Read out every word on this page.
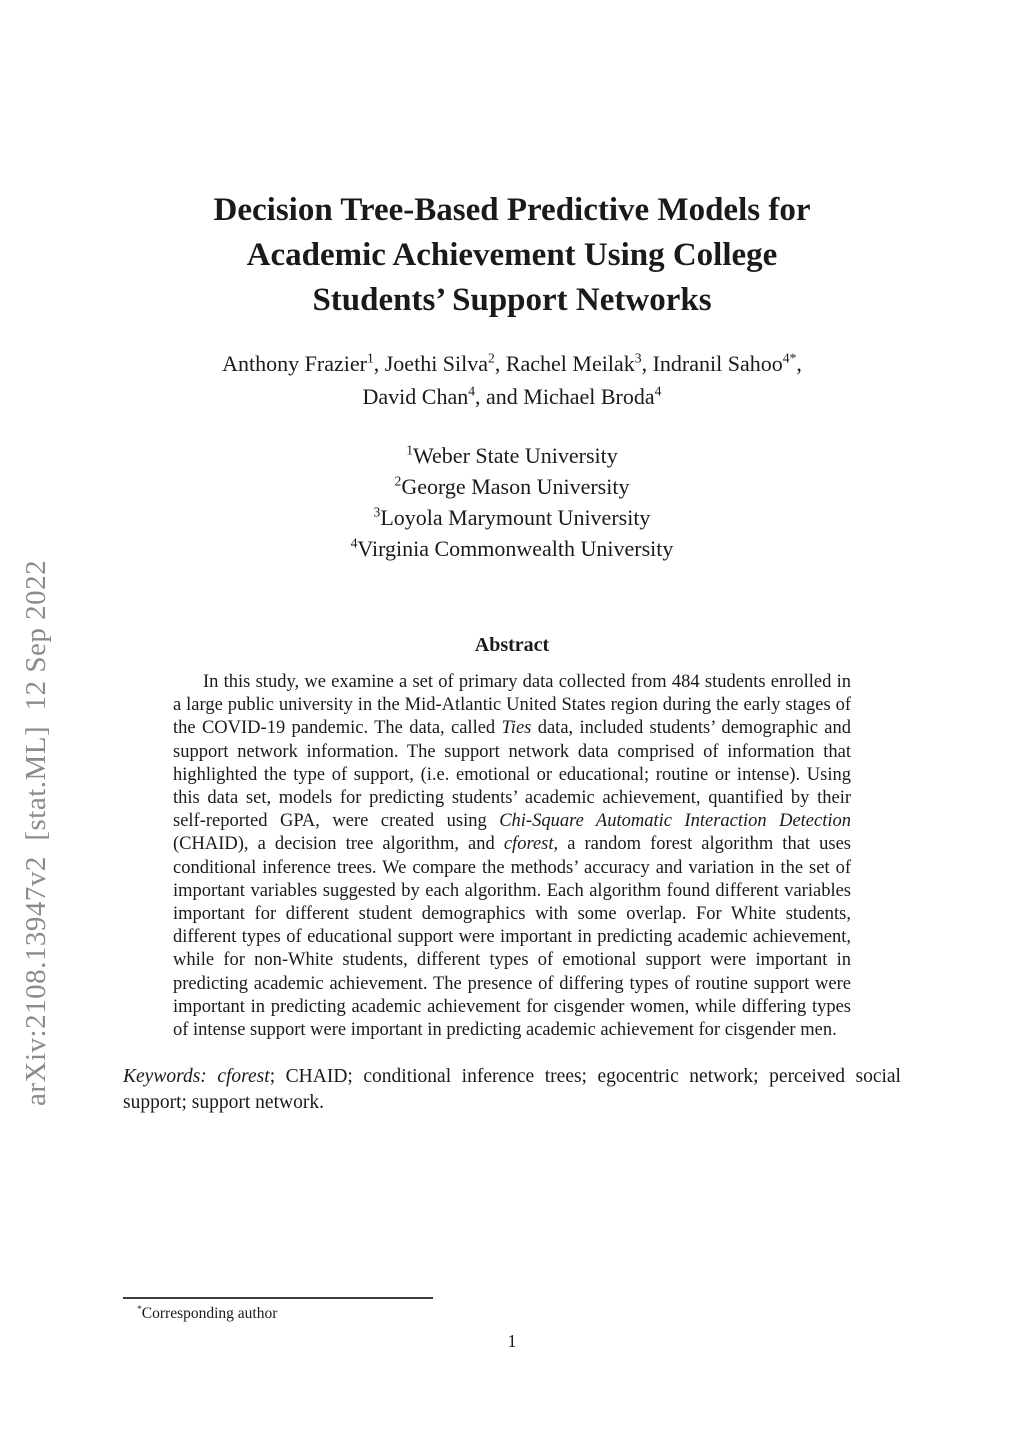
arXiv:2108.13947v2  [stat.ML]  12 Sep 2022
Decision Tree-Based Predictive Models for
Academic Achievement Using College
Students’ Support Networks
Anthony Frazier$^1$, Joethi Silva$^2$, Rachel Meilak$^3$, Indranil Sahoo$^{4*}$,
David Chan$^4$, and Michael Broda$^4$
$^1$Weber State University
$^2$George Mason University
$^3$Loyola Marymount University
$^4$Virginia Commonwealth University
Abstract

In this study, we examine a set of primary data collected from 484 students enrolled in a large public university in the Mid-Atlantic United States region during the early stages of the COVID-19 pandemic. The data, called Ties data, included students’ demographic and support network information. The support network data comprised of information that highlighted the type of support, (i.e. emotional or educational; routine or intense). Using this data set, models for predicting students’ academic achievement, quantified by their self-reported GPA, were created using Chi-Square Automatic Interaction Detection (CHAID), a decision tree algorithm, and cforest, a random forest algorithm that uses conditional inference trees. We compare the methods’ accuracy and variation in the set of important variables suggested by each algorithm. Each algorithm found different variables important for different student demographics with some overlap. For White students, different types of educational support were important in predicting academic achievement, while for non-White students, different types of emotional support were important in predicting academic achievement. The presence of differing types of routine support were important in predicting academic achievement for cisgender women, while differing types of intense support were important in predicting academic achievement for cisgender men.

Keywords: cforest; CHAID; conditional inference trees; egocentric network; perceived social support; support network.

*Corresponding author
1
